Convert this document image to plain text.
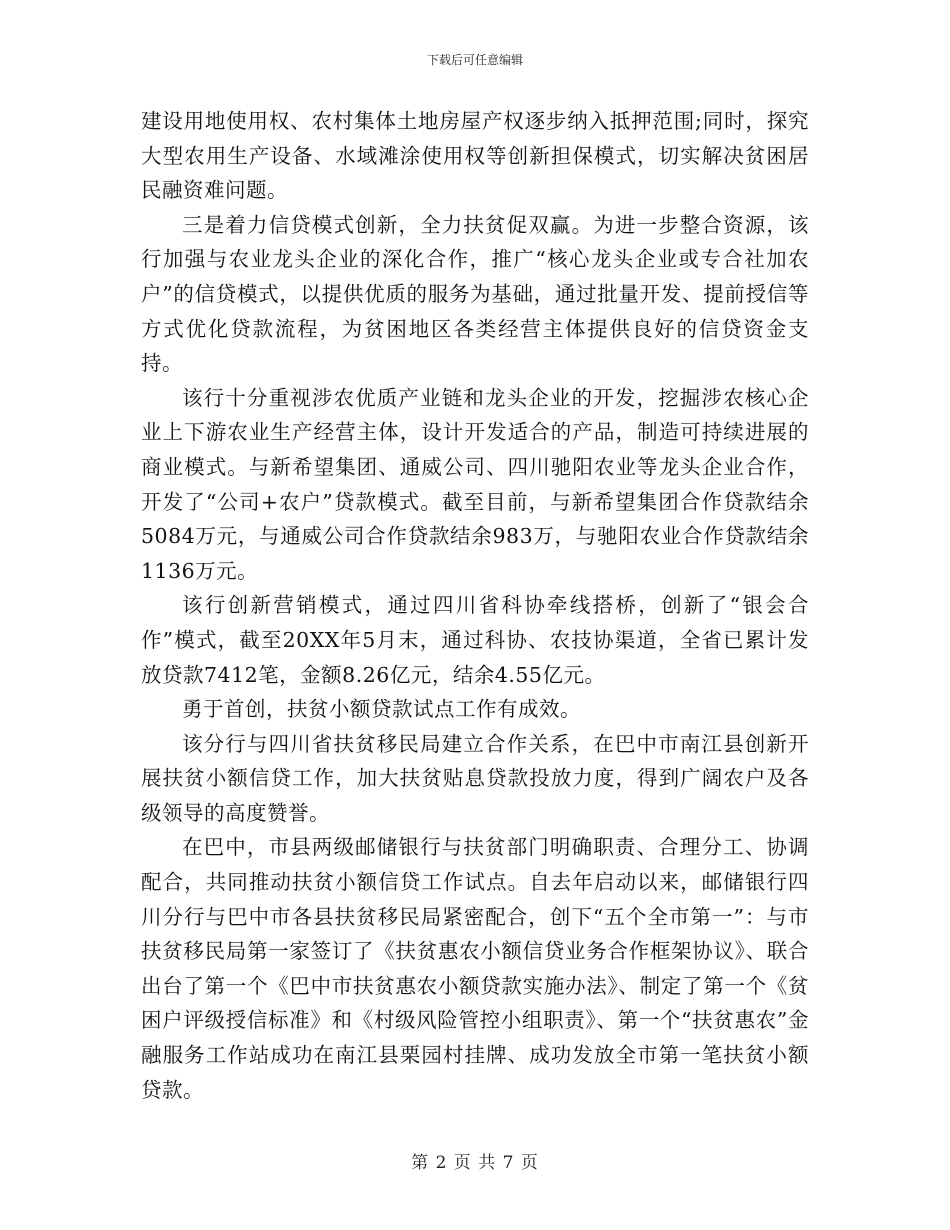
下载后可任意编辑

建设用地使用权、农村集体土地房屋产权逐步纳入抵押范围;同时，探究大型农用生产设备、水域滩涂使用权等创新担保模式，切实解决贫困居民融资难问题。

三是着力信贷模式创新，全力扶贫促双赢。为进一步整合资源，该行加强与农业龙头企业的深化合作，推广“核心龙头企业或专合社加农户”的信贷模式，以提供优质的服务为基础，通过批量开发、提前授信等方式优化贷款流程，为贫困地区各类经营主体提供良好的信贷资金支持。

该行十分重视涉农优质产业链和龙头企业的开发，挖掘涉农核心企业上下游农业生产经营主体，设计开发适合的产品，制造可持续进展的商业模式。与新希望集团、通威公司、四川驰阳农业等龙头企业合作，开发了“公司+农户”贷款模式。截至目前，与新希望集团合作贷款结余5084万元，与通威公司合作贷款结余983万，与驰阳农业合作贷款结余1136万元。

该行创新营销模式，通过四川省科协牵线搭桥，创新了“银会合作”模式，截至20XX年5月末，通过科协、农技协渠道，全省已累计发放贷款7412笔，金额8.26亿元，结余4.55亿元。

勇于首创，扶贫小额贷款试点工作有成效。

该分行与四川省扶贫移民局建立合作关系，在巴中市南江县创新开展扶贫小额信贷工作，加大扶贫贴息贷款投放力度，得到广阔农户及各级领导的高度赞誉。

在巴中，市县两级邮储银行与扶贫部门明确职责、合理分工、协调配合，共同推动扶贫小额信贷工作试点。自去年启动以来，邮储银行四川分行与巴中市各县扶贫移民局紧密配合，创下“五个全市第一”：与市扶贫移民局第一家签订了《扶贫惠农小额信贷业务合作框架协议》、联合出台了第一个《巴中市扶贫惠农小额贷款实施办法》、制定了第一个《贫困户评级授信标准》和《村级风险管控小组职责》、第一个“扶贫惠农”金融服务工作站成功在南江县栗园村挂牌、成功发放全市第一笔扶贫小额贷款。

第 2 页 共 7 页
